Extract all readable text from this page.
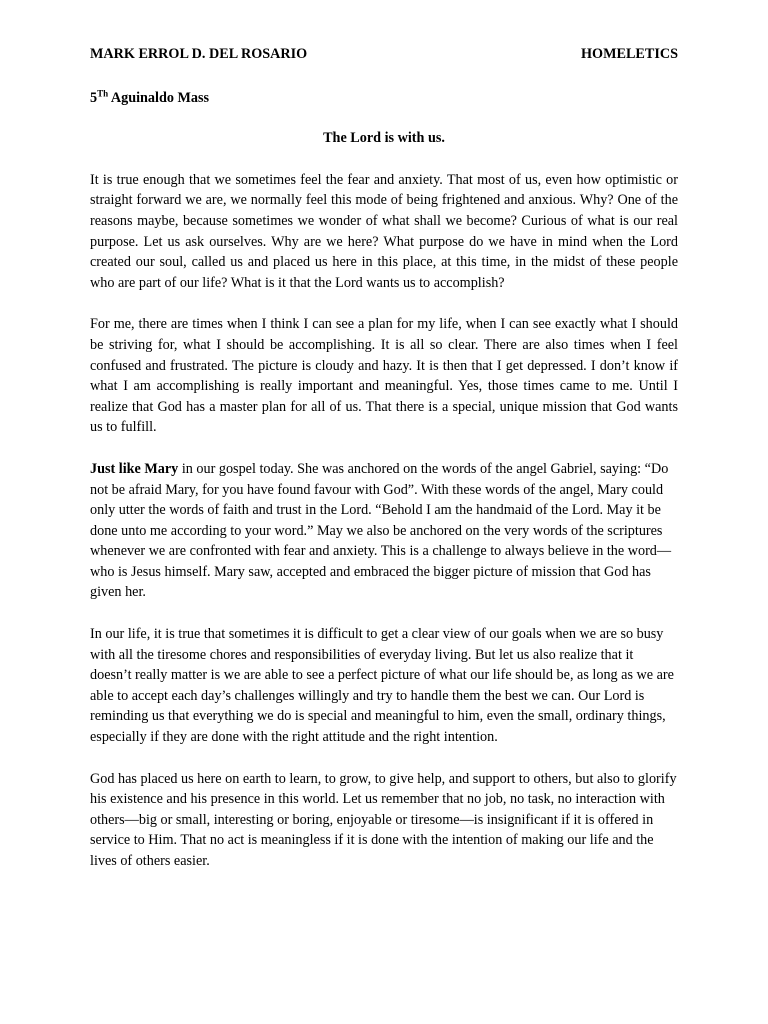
MARK ERROL D. DEL ROSARIO	HOMELETICS
5Th Aguinaldo Mass
The Lord is with us.

It is true enough that we sometimes feel the fear and anxiety. That most of us, even how optimistic or straight forward we are, we normally feel this mode of being frightened and anxious. Why? One of the reasons maybe, because sometimes we wonder of what shall we become? Curious of what is our real purpose. Let us ask ourselves. Why are we here? What purpose do we have in mind when the Lord created our soul, called us and placed us here in this place, at this time, in the midst of these people who are part of our life? What is it that the Lord wants us to accomplish?

For me, there are times when I think I can see a plan for my life, when I can see exactly what I should be striving for, what I should be accomplishing. It is all so clear. There are also times when I feel confused and frustrated. The picture is cloudy and hazy. It is then that I get depressed. I don’t know if what I am accomplishing is really important and meaningful. Yes, those times came to me. Until I realize that God has a master plan for all of us. That there is a special, unique mission that God wants us to fulfill.

Just like Mary in our gospel today. She was anchored on the words of the angel Gabriel, saying: “Do not be afraid Mary, for you have found favour with God”. With these words of the angel, Mary could only utter the words of faith and trust in the Lord. “Behold I am the handmaid of the Lord. May it be done unto me according to your word.” May we also be anchored on the very words of the scriptures whenever we are confronted with fear and anxiety. This is a challenge to always believe in the word—who is Jesus himself. Mary saw, accepted and embraced the bigger picture of mission that God has given her.

In our life, it is true that sometimes it is difficult to get a clear view of our goals when we are so busy with all the tiresome chores and responsibilities of everyday living. But let us also realize that it doesn’t really matter is we are able to see a perfect picture of what our life should be, as long as we are able to accept each day’s challenges willingly and try to handle them the best we can. Our Lord is reminding us that everything we do is special and meaningful to him, even the small, ordinary things, especially if they are done with the right attitude and the right intention.

God has placed us here on earth to learn, to grow, to give help, and support to others, but also to glorify his existence and his presence in this world. Let us remember that no job, no task, no interaction with others—big or small, interesting or boring, enjoyable or tiresome—is insignificant if it is offered in service to Him. That no act is meaningless if it is done with the intention of making our life and the lives of others easier.
